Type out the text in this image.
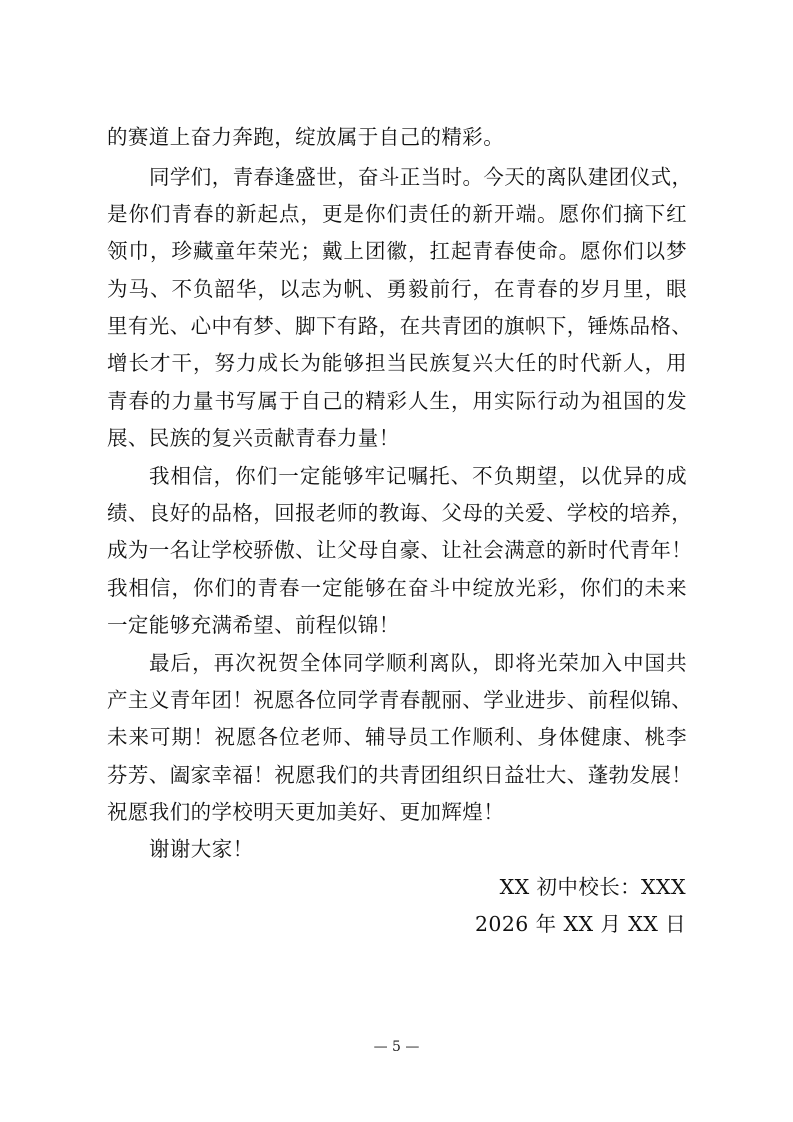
的赛道上奋力奔跑，绽放属于自己的精彩。
同学们，青春逢盛世，奋斗正当时。今天的离队建团仪式，
是你们青春的新起点，更是你们责任的新开端。愿你们摘下红
领巾，珍藏童年荣光；戴上团徽，扛起青春使命。愿你们以梦
为马、不负韶华，以志为帆、勇毅前行，在青春的岁月里，眼
里有光、心中有梦、脚下有路，在共青团的旗帜下，锤炼品格、
增长才干，努力成长为能够担当民族复兴大任的时代新人，用
青春的力量书写属于自己的精彩人生，用实际行动为祖国的发
展、民族的复兴贡献青春力量！
我相信，你们一定能够牢记嘱托、不负期望，以优异的成
绩、良好的品格，回报老师的教诲、父母的关爱、学校的培养，
成为一名让学校骄傲、让父母自豪、让社会满意的新时代青年！
我相信，你们的青春一定能够在奋斗中绽放光彩，你们的未来
一定能够充满希望、前程似锦！
最后，再次祝贺全体同学顺利离队，即将光荣加入中国共
产主义青年团！祝愿各位同学青春靓丽、学业进步、前程似锦、
未来可期！祝愿各位老师、辅导员工作顺利、身体健康、桃李
芬芳、阖家幸福！祝愿我们的共青团组织日益壮大、蓬勃发展！
祝愿我们的学校明天更加美好、更加辉煌！
谢谢大家！
XX 初中校长：XXX
2026 年 XX 月 XX 日
— 5 —
